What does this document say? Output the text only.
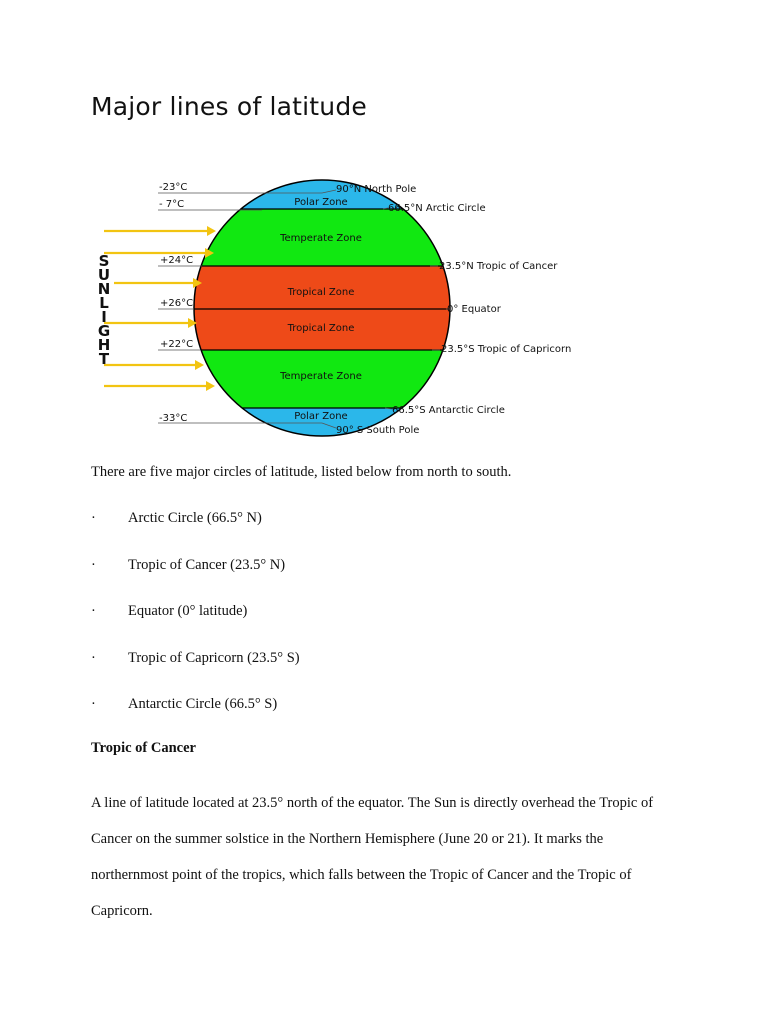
Major lines of latitude
S
U
N
L
I
G
H
T
-23°C
- 7°C
+24°C
+26°C
+22°C
-33°C
Polar Zone
Temperate Zone
Tropical Zone
Tropical Zone
Temperate Zone
Polar Zone
90°N North Pole
66.5°N Arctic Circle
23.5°N Tropic of Cancer
0° Equator
23.5°S Tropic of Capricorn
66.5°S Antarctic Circle
90° S South Pole

There are five major circles of latitude, listed below from north to south.

· Arctic Circle (66.5° N)
· Tropic of Cancer (23.5° N)
· Equator (0° latitude)
· Tropic of Capricorn (23.5° S)
· Antarctic Circle (66.5° S)
Tropic of Cancer

A line of latitude located at 23.5° north of the equator. The Sun is directly overhead the Tropic of
Cancer on the summer solstice in the Northern Hemisphere (June 20 or 21). It marks the
northernmost point of the tropics, which falls between the Tropic of Cancer and the Tropic of
Capricorn.
